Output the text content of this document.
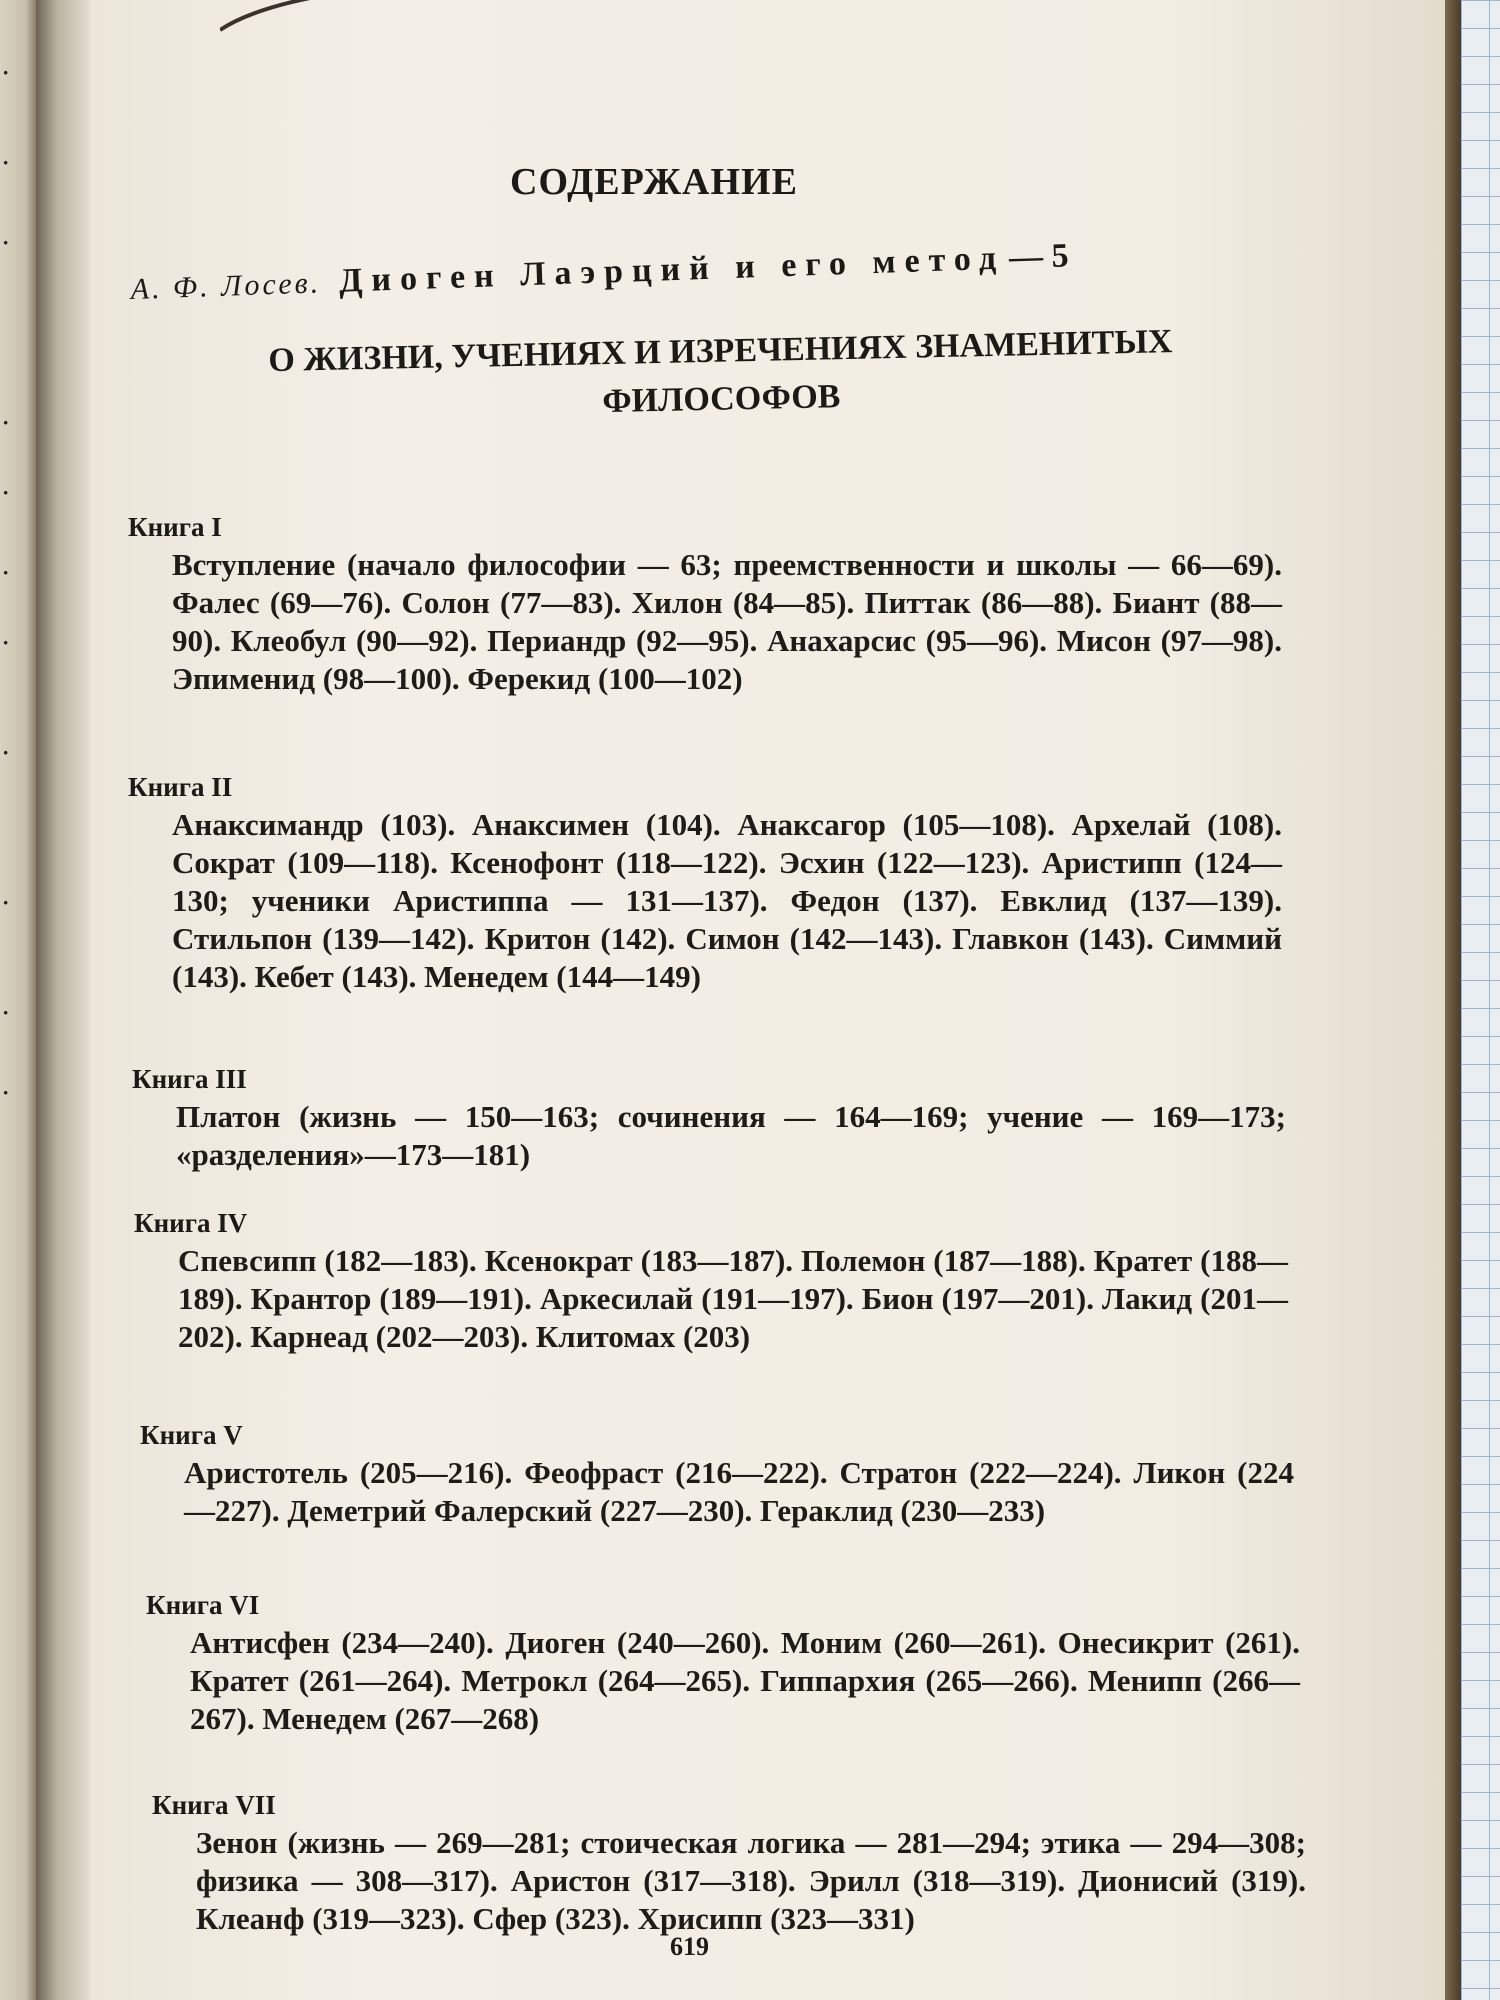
·
·
·
·
·
·
·
·
·
·
·

СОДЕРЖАНИЕ
А. Ф. Лосев. Диоген Лаэрций и его метод — 5
О ЖИЗНИ, УЧЕНИЯХ И ИЗРЕЧЕНИЯХ ЗНАМЕНИТЫХ
ФИЛОСОФОВ
Книга I
Вступление (начало философии — 63; преемственности и школы — 66—69). Фалес (69—76). Солон (77—83). Хилон (84—85). Питтак (86—88). Биант (88—90). Клеобул (90—92). Периандр (92—95). Анахарсис (95—96). Мисон (97—98). Эпименид (98—100). Ферекид (100—102)
Книга II
Анаксимандр (103). Анаксимен (104). Анаксагор (105—108). Архелай (108). Сократ (109—118). Ксенофонт (118—122). Эсхин (122—123). Аристипп (124—130; ученики Аристиппа — 131—137). Федон (137). Евклид (137—139). Стильпон (139—142). Критон (142). Симон (142—143). Главкон (143). Симмий (143). Кебет (143). Менедем (144—149)
Книга III
Платон (жизнь — 150—163; сочинения — 164—169; учение — 169—173; «разделения»—173—181)
Книга IV
Спевсипп (182—183). Ксенократ (183—187). Полемон (187—188). Кратет (188—189). Крантор (189—191). Аркесилай (191—197). Бион (197—201). Лакид (201—202). Карнеад (202—203). Клитомах (203)
Книга V
Аристотель (205—216). Феофраст (216—222). Стратон (222—224). Ликон (224—227). Деметрий Фалерский (227—230). Гераклид (230—233)
Книга VI
Антисфен (234—240). Диоген (240—260). Моним (260—261). Онесикрит (261). Кратет (261—264). Метрокл (264—265). Гиппархия (265—266). Менипп (266—267). Менедем (267—268)
Книга VII
Зенон (жизнь — 269—281; стоическая логика — 281—294; этика — 294—308; физика — 308—317). Аристон (317—318). Эрилл (318—319). Дионисий (319). Клеанф (319—323). Сфер (323). Хрисипп (323—331)
619
